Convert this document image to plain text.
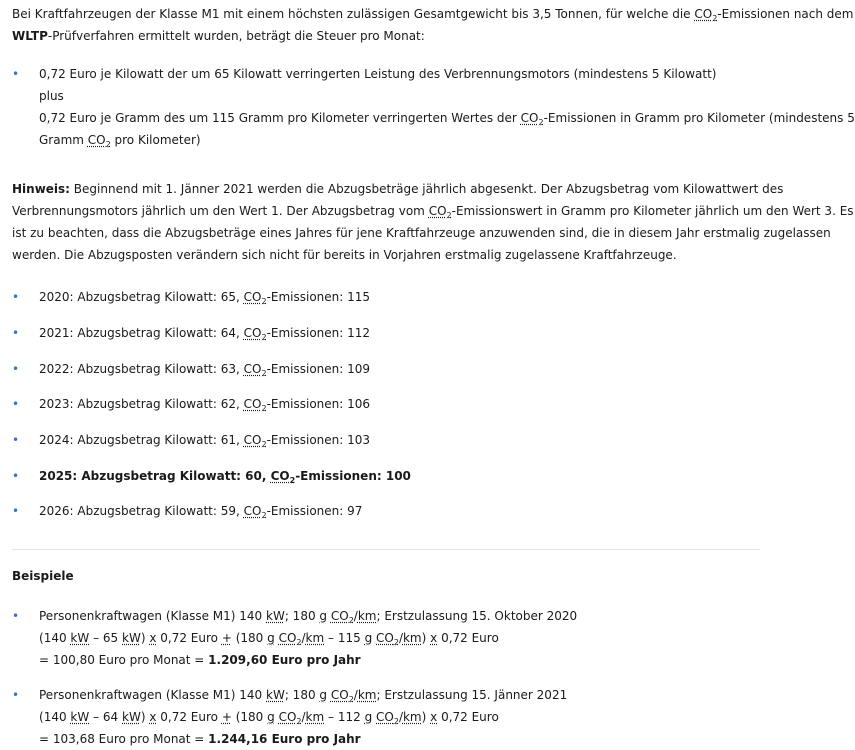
Bei Kraftfahrzeugen der Klasse M1 mit einem höchsten zulässigen Gesamtgewicht bis 3,5 Tonnen, für welche die $CO_2$-Emissionen nach dem
WLTP-Prüfverfahren ermittelt wurden, beträgt die Steuer pro Monat:

• 0,72 Euro je Kilowatt der um 65 Kilowatt verringerten Leistung des Verbrennungsmotors (mindestens 5 Kilowatt)
plus
0,72 Euro je Gramm des um 115 Gramm pro Kilometer verringerten Wertes der $CO_2$-Emissionen in Gramm pro Kilometer (mindestens 5
Gramm $CO_2$ pro Kilometer)

Hinweis: Beginnend mit 1. Jänner 2021 werden die Abzugsbeträge jährlich abgesenkt. Der Abzugsbetrag vom Kilowattwert des
Verbrennungsmotors jährlich um den Wert 1. Der Abzugsbetrag vom $CO_2$-Emissionswert in Gramm pro Kilometer jährlich um den Wert 3. Es
ist zu beachten, dass die Abzugsbeträge eines Jahres für jene Kraftfahrzeuge anzuwenden sind, die in diesem Jahr erstmalig zugelassen
werden. Die Abzugsposten verändern sich nicht für bereits in Vorjahren erstmalig zugelassene Kraftfahrzeuge.

• 2020: Abzugsbetrag Kilowatt: 65, $CO_2$-Emissionen: 115
• 2021: Abzugsbetrag Kilowatt: 64, $CO_2$-Emissionen: 112
• 2022: Abzugsbetrag Kilowatt: 63, $CO_2$-Emissionen: 109
• 2023: Abzugsbetrag Kilowatt: 62, $CO_2$-Emissionen: 106
• 2024: Abzugsbetrag Kilowatt: 61, $CO_2$-Emissionen: 103
• 2025: Abzugsbetrag Kilowatt: 60, $CO_2$-Emissionen: 100
• 2026: Abzugsbetrag Kilowatt: 59, $CO_2$-Emissionen: 97
Beispiele
• Personenkraftwagen (Klasse M1) 140 kW; 180 g $CO_2/km$; Erstzulassung 15. Oktober 2020
(140 kW – 65 kW) x 0,72 Euro + (180 g $CO_2/km - 115$ g $CO_2/km$) x 0,72 Euro
= 100,80 Euro pro Monat = 1.209,60 Euro pro Jahr
• Personenkraftwagen (Klasse M1) 140 kW; 180 g $CO_2/km$; Erstzulassung 15. Jänner 2021
(140 kW – 64 kW) x 0,72 Euro + (180 g $CO_2/km - 112$ g $CO_2/km$) x 0,72 Euro
= 103,68 Euro pro Monat = 1.244,16 Euro pro Jahr
